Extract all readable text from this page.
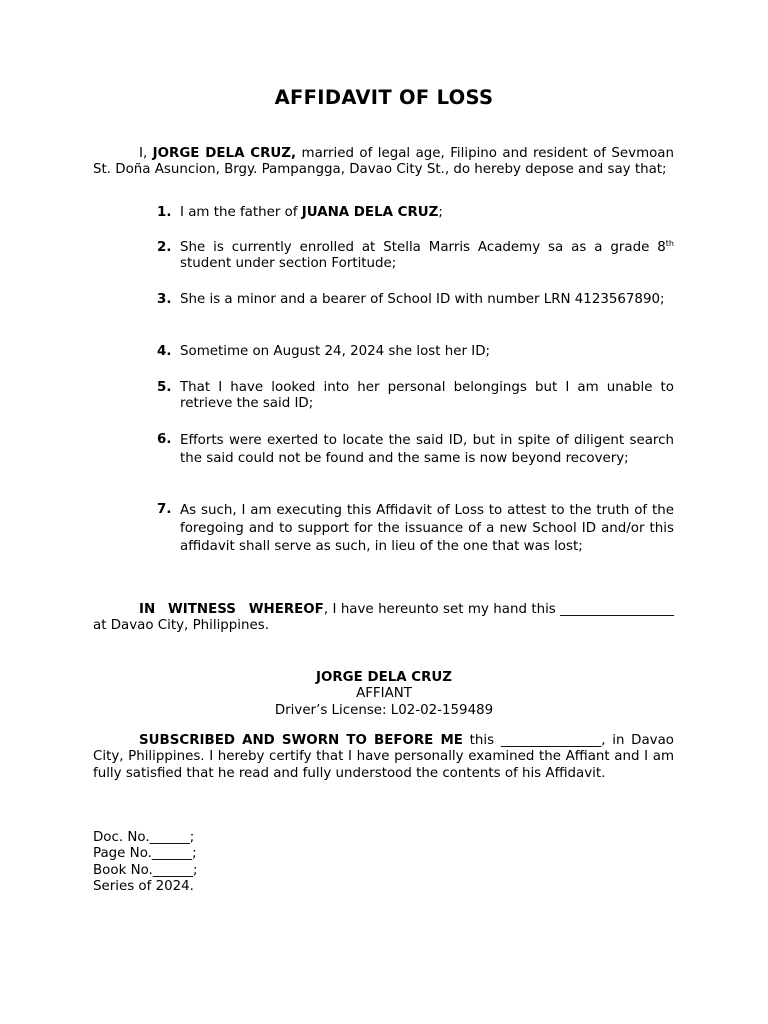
AFFIDAVIT OF LOSS
I, JORGE DELA CRUZ, married of legal age, Filipino and resident of Sevmoan St. Doña Asuncion, Brgy. Pampangga, Davao City St., do hereby depose and say that;
1. I am the father of JUANA DELA CRUZ;
2. She is currently enrolled at Stella Marris Academy sa as a grade 8th student under section Fortitude;
3. She is a minor and a bearer of School ID with number LRN 4123567890;
4. Sometime on August 24, 2024 she lost her ID;
5. That I have looked into her personal belongings but I am unable to retrieve the said ID;
6. Efforts were exerted to locate the said ID, but in spite of diligent search the said could not be found and the same is now beyond recovery;
7. As such, I am executing this Affidavit of Loss to attest to the truth of the foregoing and to support for the issuance of a new School ID and/or this affidavit shall serve as such, in lieu of the one that was lost;
IN WITNESS WHEREOF, I have hereunto set my hand this _________________ at Davao City, Philippines.
JORGE DELA CRUZ
AFFIANT
Driver’s License: L02-02-159489
SUBSCRIBED AND SWORN TO BEFORE ME this _______________, in Davao City, Philippines. I hereby certify that I have personally examined the Affiant and I am fully satisfied that he read and fully understood the contents of his Affidavit.
Doc. No.______;
Page No.______;
Book No.______;
Series of 2024.
